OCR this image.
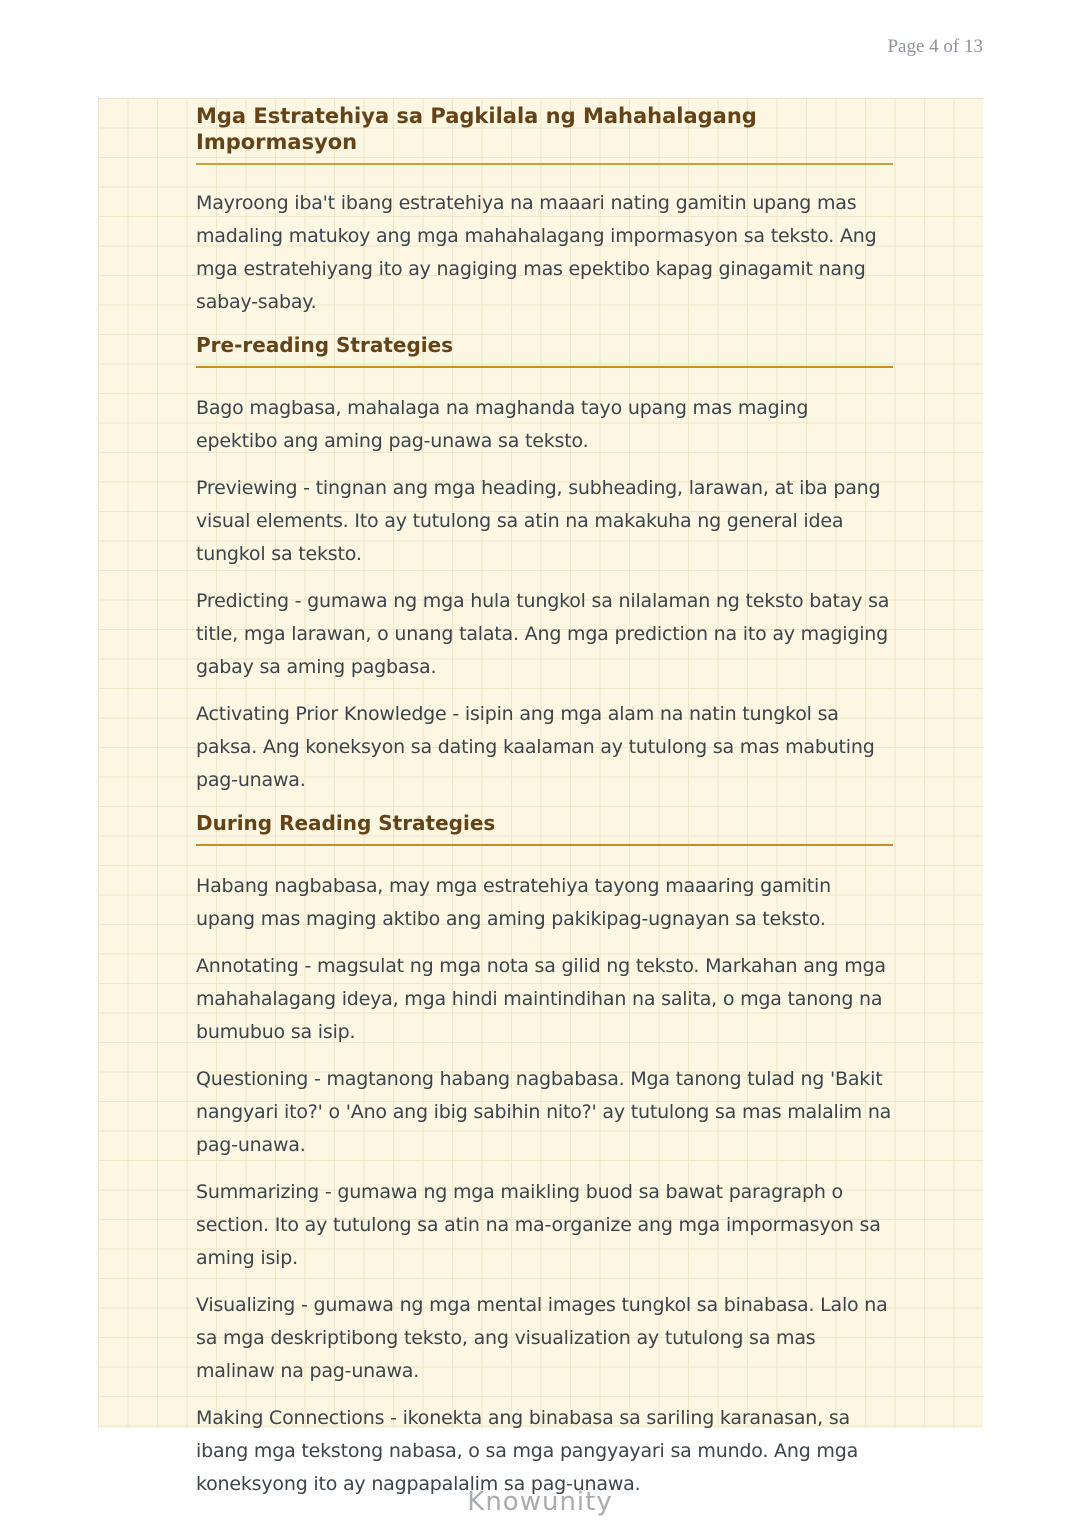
Page 4 of 13
Mga Estratehiya sa Pagkilala ng Mahahalagang Impormasyon

Mayroong iba't ibang estratehiya na maaari nating gamitin upang mas madaling matukoy ang mga mahahalagang impormasyon sa teksto. Ang mga estratehiyang ito ay nagiging mas epektibo kapag ginagamit nang sabay-sabay.

Pre-reading Strategies

Bago magbasa, mahalaga na maghanda tayo upang mas maging epektibo ang aming pag-unawa sa teksto.

Previewing - tingnan ang mga heading, subheading, larawan, at iba pang visual elements. Ito ay tutulong sa atin na makakuha ng general idea tungkol sa teksto.

Predicting - gumawa ng mga hula tungkol sa nilalaman ng teksto batay sa title, mga larawan, o unang talata. Ang mga prediction na ito ay magiging gabay sa aming pagbasa.

Activating Prior Knowledge - isipin ang mga alam na natin tungkol sa paksa. Ang koneksyon sa dating kaalaman ay tutulong sa mas mabuting pag-unawa.

During Reading Strategies

Habang nagbabasa, may mga estratehiya tayong maaaring gamitin upang mas maging aktibo ang aming pakikipag-ugnayan sa teksto.

Annotating - magsulat ng mga nota sa gilid ng teksto. Markahan ang mga mahahalagang ideya, mga hindi maintindihan na salita, o mga tanong na bumubuo sa isip.

Questioning - magtanong habang nagbabasa. Mga tanong tulad ng 'Bakit nangyari ito?' o 'Ano ang ibig sabihin nito?' ay tutulong sa mas malalim na pag-unawa.

Summarizing - gumawa ng mga maikling buod sa bawat paragraph o section. Ito ay tutulong sa atin na ma-organize ang mga impormasyon sa aming isip.

Visualizing - gumawa ng mga mental images tungkol sa binabasa. Lalo na sa mga deskriptibong teksto, ang visualization ay tutulong sa mas malinaw na pag-unawa.

Making Connections - ikonekta ang binabasa sa sariling karanasan, sa ibang mga tekstong nabasa, o sa mga pangyayari sa mundo. Ang mga koneksyong ito ay nagpapalalim sa pag-unawa.

Knowunity
